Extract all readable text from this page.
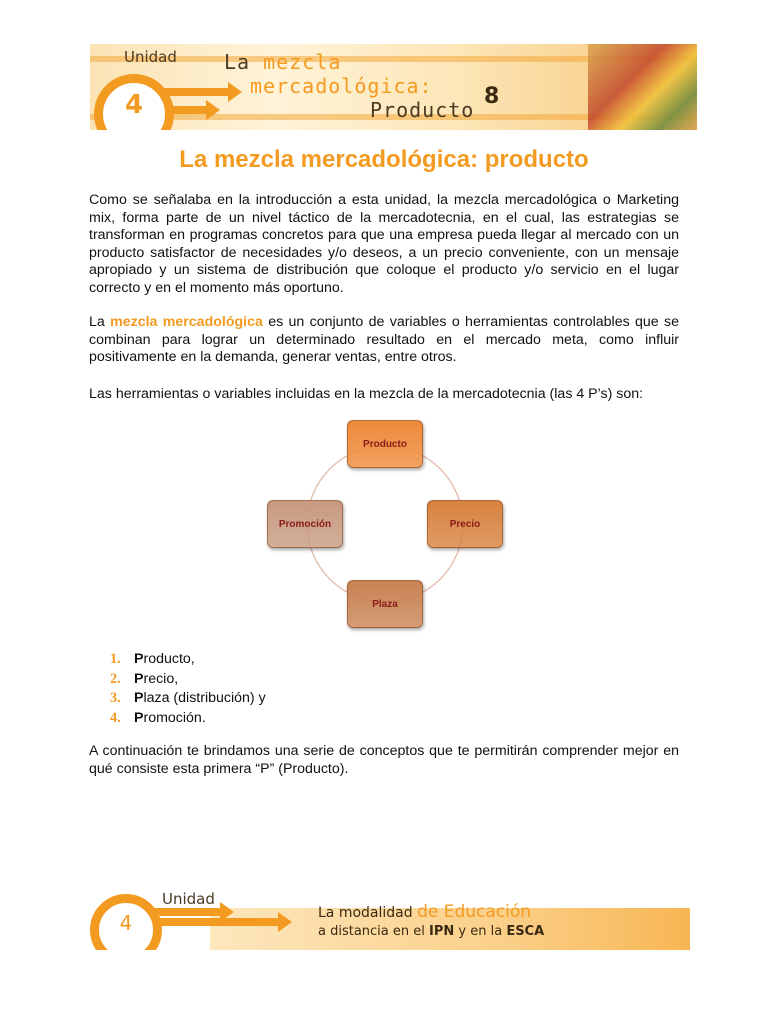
4
Unidad La mezcla
mercadológica:
Producto
8
La mezcla mercadológica: producto
Como se señalaba en la introducción a esta unidad, la mezcla mercadológica o Marketing mix, forma parte de un nivel táctico de la mercadotecnia, en el cual, las estrategias se transforman en programas concretos para que una empresa pueda llegar al mercado con un producto satisfactor de necesidades y/o deseos, a un precio conveniente, con un mensaje apropiado y un sistema de distribución que coloque el producto y/o servicio en el lugar correcto y en el momento más oportuno.
La mezcla mercadológica es un conjunto de variables o herramientas controlables que se combinan para lograr un determinado resultado en el mercado meta, como influir positivamente en la demanda, generar ventas, entre otros.
Las herramientas o variables incluidas en la mezcla de la mercadotecnia (las 4 P’s) son:
Producto
Precio
Plaza
Promoción
1. Producto,
2. Precio,
3. Plaza (distribución) y
4. Promoción.
A continuación te brindamos una serie de conceptos que te permitirán comprender mejor en qué consiste esta primera “P” (Producto).
4
Unidad
La modalidad de Educación
a distancia en el IPN y en la ESCA
